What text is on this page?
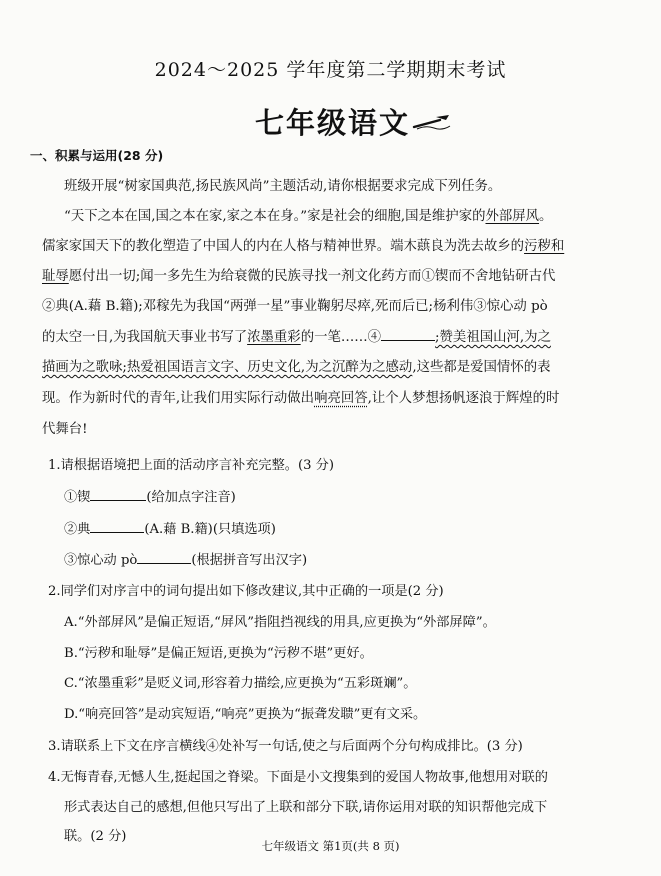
2024～2025 学年度第二学期期末考试
七年级语文
一、积累与运用(28 分)
班级开展“树家国典范,扬民族风尚”主题活动,请你根据要求完成下列任务。
“天下之本在国,国之本在家,家之本在身。”家是社会的细胞,国是维护家的外部屏风。
儒家家国天下的教化塑造了中国人的内在人格与精神世界。端木蕻良为洗去故乡的污秽和
耻辱愿付出一切;闻一多先生为给衰微的民族寻找一剂文化药方而①锲而不舍地钻研古代
②典(A.藉 B.籍);邓稼先为我国“两弹一星”事业鞠躬尽瘁,死而后已;杨利伟③惊心动 pò
的太空一日,为我国航天事业书写了浓墨重彩的一笔……④	;赞美祖国山河,为之
描画为之歌咏;热爱祖国语言文字、历史文化,为之沉醉为之感动,这些都是爱国情怀的表
现。作为新时代的青年,让我们用实际行动做出响亮回答,让个人梦想扬帆逐浪于辉煌的时
代舞台!
1.请根据语境把上面的活动序言补充完整。(3 分)
①锲	(给加点字注音)
②典	(A.藉 B.籍)(只填选项)
③惊心动 pò	(根据拼音写出汉字)
2.同学们对序言中的词句提出如下修改建议,其中正确的一项是(2 分)
A.“外部屏风”是偏正短语,“屏风”指阻挡视线的用具,应更换为“外部屏障”。
B.“污秽和耻辱”是偏正短语,更换为“污秽不堪”更好。
C.“浓墨重彩”是贬义词,形容着力描绘,应更换为“五彩斑斓”。
D.“响亮回答”是动宾短语,“响亮”更换为“振聋发聩”更有文采。
3.请联系上下文在序言横线④处补写一句话,使之与后面两个分句构成排比。(3 分)
4.无悔青春,无憾人生,挺起国之脊梁。下面是小文搜集到的爱国人物故事,他想用对联的
形式表达自己的感想,但他只写出了上联和部分下联,请你运用对联的知识帮他完成下
联。(2 分)
七年级语文 第1页(共 8 页)
